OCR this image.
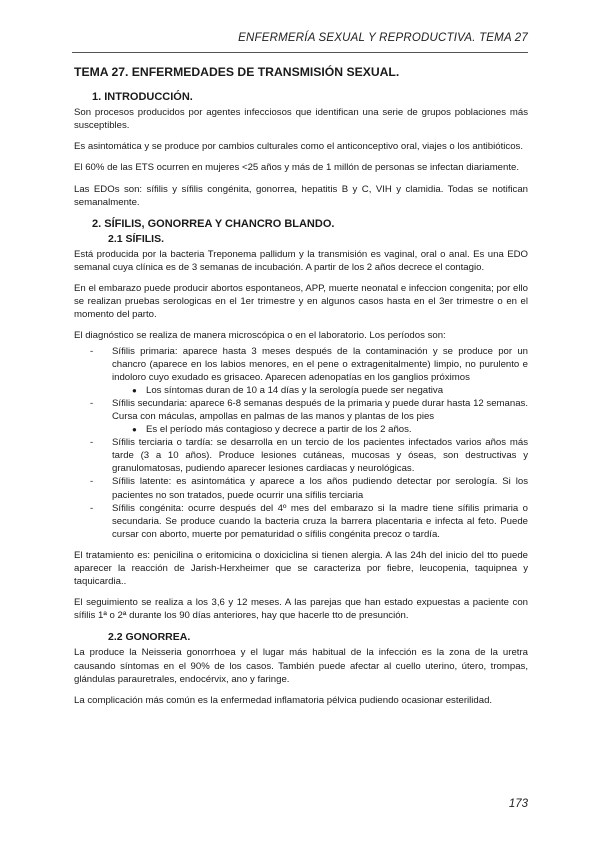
ENFERMERÍA SEXUAL Y REPRODUCTIVA. TEMA 27
TEMA 27. ENFERMEDADES DE TRANSMISIÓN SEXUAL.
1. INTRODUCCIÓN.

Son procesos producidos por agentes infecciosos que identifican una serie de grupos poblaciones más susceptibles.

Es asintomática y se produce por cambios culturales como el anticonceptivo oral, viajes o los antibióticos.

El 60% de las ETS ocurren en mujeres <25 años y más de 1 millón de personas se infectan diariamente.

Las EDOs son: sífilis y sífilis congénita, gonorrea, hepatitis B y C, VIH y clamidia. Todas se notifican semanalmente.

2. SÍFILIS, GONORREA Y CHANCRO BLANDO.
2.1 SÍFILIS.

Está producida por la bacteria Treponema pallidum y la transmisión es vaginal, oral o anal. Es una EDO semanal cuya clínica es de 3 semanas de incubación. A partir de los 2 años decrece el contagio.

En el embarazo puede producir abortos espontaneos, APP, muerte neonatal e infeccion congenita; por ello se realizan pruebas serologicas en el 1er trimestre y en algunos casos hasta en el 3er trimestre o en el momento del parto.

El diagnóstico se realiza de manera microscópica o en el laboratorio. Los períodos son:

- Sífilis primaria: aparece hasta 3 meses después de la contaminación y se produce por un chancro (aparece en los labios menores, en el pene o extragenitalmente) limpio, no purulento e indoloro cuyo exudado es grisaceo. Aparecen adenopatías en los ganglios próximos
● Los síntomas duran de 10 a 14 días y la serología puede ser negativa
- Sífilis secundaria: aparece 6-8 semanas después de la primaria y puede durar hasta 12 semanas. Cursa con máculas, ampollas en palmas de las manos y plantas de los pies
● Es el período más contagioso y decrece a partir de los 2 años.
- Sífilis terciaria o tardía: se desarrolla en un tercio de los pacientes infectados varios años más tarde (3 a 10 años). Produce lesiones cutáneas, mucosas y óseas, son destructivas y granulomatosas, pudiendo aparecer lesiones cardiacas y neurológicas.
- Sífilis latente: es asintomática y aparece a los años pudiendo detectar por serología. Si los pacientes no son tratados, puede ocurrir una sífilis terciaria
- Sífilis congénita: ocurre después del 4º mes del embarazo si la madre tiene sífilis primaria o secundaria. Se produce cuando la bacteria cruza la barrera placentaria e infecta al feto. Puede cursar con aborto, muerte por pematuridad o sífilis congénita precoz o tardía.

El tratamiento es: penicilina o eritomicina o doxiciclina si tienen alergia. A las 24h del inicio del tto puede aparecer la reacción de Jarish-Herxheimer que se caracteriza por fiebre, leucopenia, taquipnea y taquicardia..

El seguimiento se realiza a los 3,6 y 12 meses. A las parejas que han estado expuestas a paciente con sífilis 1ª o 2ª durante los 90 días anteriores, hay que hacerle tto de presunción.

2.2 GONORREA.

La produce la Neisseria gonorrhoea y el lugar más habitual de la infección es la zona de la uretra causando síntomas en el 90% de los casos. También puede afectar al cuello uterino, útero, trompas, glándulas parauretrales, endocérvix, ano y faringe.

La complicación más común es la enfermedad inflamatoria pélvica pudiendo ocasionar esterilidad.

173
